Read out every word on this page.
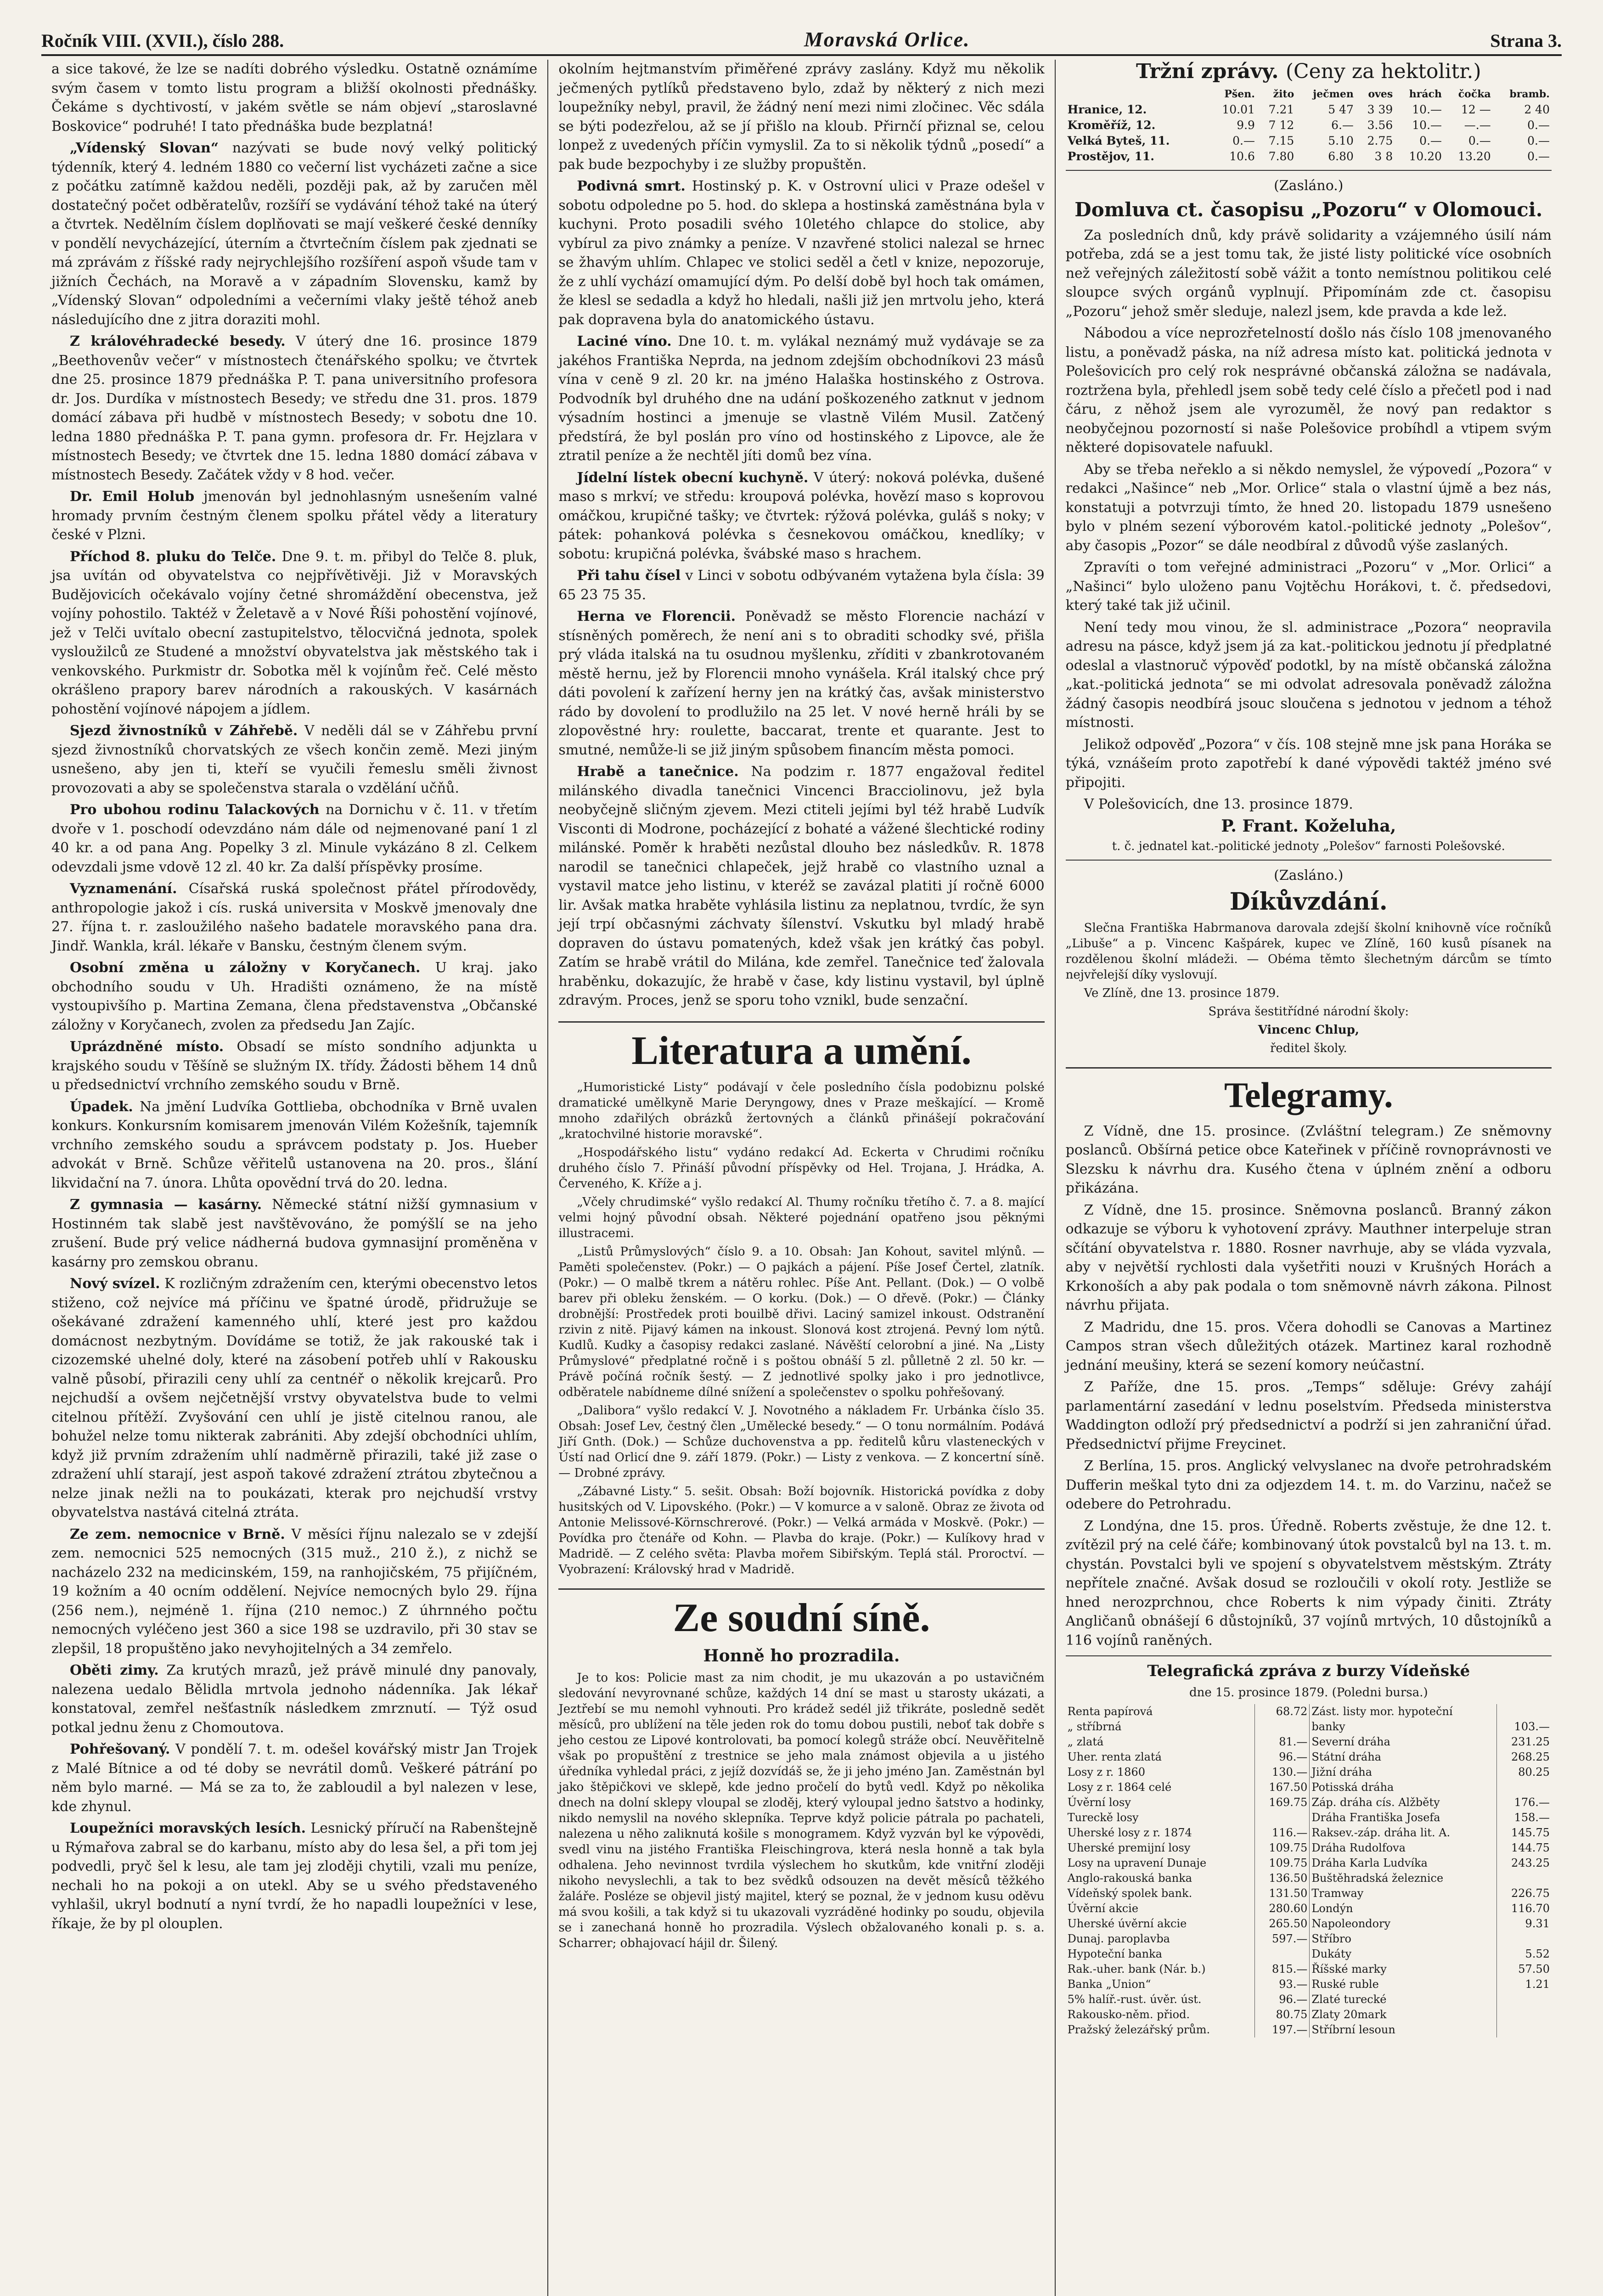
Ročník VIII. (XVII.), číslo 288.	Moravská Orlice.	Strana 3.

a sice takové, že lze se nadíti dobrého výsledku. Ostatně oznámíme svým časem v tomto listu program a bližší okolnosti přednášky. Čekáme s dychtivostí, v jakém světle se nám objeví „staroslavné Boskovice“ podruhé! I tato přednáška bude bezplatná!

„Vídenský Slovan“ nazývati se bude nový velký politický týdenník, který 4. ledném 1880 co večerní list vycházeti začne a sice z počátku zatímně každou neděli, později pak, až by zaručen měl dostatečný počet odběratelův, rozšíří se vydávání téhož také na úterý a čtvrtek. Nedělním číslem doplňovati se mají veškeré české denníky v pondělí nevycházející, úterním a čtvrtečním číslem pak zjednati se má zprávám z říšské rady nejrychlejšího rozšíření aspoň všude tam v jižních Čechách, na Moravě a v západním Slovensku, kamž by „Vídenský Slovan“ odpoledními a večerními vlaky ještě téhož aneb následujícího dne z jitra doraziti mohl.

Z královéhradecké besedy. V úterý dne 16. prosince 1879 „Beethovenův večer“ v místnostech čtenářského spolku; ve čtvrtek dne 25. prosince 1879 přednáška P. T. pana universitního profesora dr. Jos. Durdíka v místnostech Besedy; ve středu dne 31. pros. 1879 domácí zábava při hudbě v místnostech Besedy; v sobotu dne 10. ledna 1880 přednáška P. T. pana gymn. profesora dr. Fr. Hejzlara v místnostech Besedy; ve čtvrtek dne 15. ledna 1880 domácí zábava v místnostech Besedy. Začátek vždy v 8 hod. večer.

Dr. Emil Holub jmenován byl jednohlasným usnešením valné hromady prvním čestným členem spolku přátel vědy a literatury české v Plzni.

Příchod 8. pluku do Telče. Dne 9. t. m. přibyl do Telče 8. pluk, jsa uvítán od obyvatelstva co nejpřívětivěji. Již v Moravských Budějovicích očekávalo vojíny četné shromáždění obecenstva, jež vojíny pohostilo. Taktéž v Želetavě a v Nové Říši pohostění vojínové, jež v Telči uvítalo obecní zastupitelstvo, tělocvičná jednota, spolek vysloužilců ze Studené a množství obyvatelstva jak městského tak i venkovského. Purkmistr dr. Sobotka měl k vojínům řeč. Celé město okrášleno prapory barev národních a rakouských. V kasárnách pohostění vojínové nápojem a jídlem.

Sjezd živnostníků v Záhřebě. V neděli dál se v Záhřebu první sjezd živnostníků chorvatských ze všech končin země. Mezi jiným usnešeno, aby jen ti, kteří se vyučili řemeslu směli živnost provozovati a aby se společenstva starala o vzdělání učňů.

Pro ubohou rodinu Talackových na Dornichu v č. 11. v třetím dvoře v 1. poschodí odevzdáno nám dále od nejmenované paní 1 zl 40 kr. a od pana Ang. Popelky 3 zl. Minule vykázáno 8 zl. Celkem odevzdali jsme vdově 12 zl. 40 kr. Za další příspěvky prosíme.

Vyznamenání. Císařská ruská společnost přátel přírodovědy, anthropologie jakož i cís. ruská universita v Moskvě jmenovaly dne 27. října t. r. zasloužilého našeho badatele moravského pana dra. Jindř. Wankla, král. lékaře v Bansku, čestným členem svým.

Osobní změna u záložny v Koryčanech. U kraj. jako obchodního soudu v Uh. Hradišti oznámeno, že na místě vystoupivšího p. Martina Zemana, člena představenstva „Občanské záložny v Koryčanech, zvolen za předsedu Jan Zajíc.

Uprázdněné místo. Obsadí se místo sondního adjunkta u krajského soudu v Těšíně se služným IX. třídy. Žádosti během 14 dnů u předsednictví vrchního zemského soudu v Brně.

Úpadek. Na jmění Ludvíka Gottlieba, obchodníka v Brně uvalen konkurs. Konkursním komisarem jmenován Vilém Kožešník, tajemník vrchního zemského soudu a správcem podstaty p. Jos. Hueber advokát v Brně. Schůze věřitelů ustanovena na 20. pros., šlání likvidační na 7. února. Lhůta opovědní trvá do 20. ledna.

Z gymnasia — kasárny. Německé státní nižší gymnasium v Hostinném tak slabě jest navštěvováno, že pomýšlí se na jeho zrušení. Bude prý velice nádherná budova gymnasijní proměněna v kasárny pro zemskou obranu.

Nový svízel. K rozličným zdražením cen, kterými obecenstvo letos stiženo, což nejvíce má příčinu ve špatné úrodě, přidružuje se ošekávané zdražení kamenného uhlí, které jest pro každou domácnost nezbytným. Dovídáme se totiž, že jak rakouské tak i cizozemské uhelné doly, které na zásobení potřeb uhlí v Rakousku valně působí, přirazili ceny uhlí za centnéř o několik krejcarů. Pro nejchudší a ovšem nejčetnější vrstvy obyvatelstva bude to velmi citelnou přítěží. Zvyšování cen uhlí je jistě citelnou ranou, ale bohužel nelze tomu nikterak zabrániti. Aby zdejší obchodníci uhlím, když již prvním zdražením uhlí nadměrně přirazili, také již zase o zdražení uhlí starají, jest aspoň takové zdražení ztrátou zbytečnou a nelze jinak nežli na to poukázati, kterak pro nejchudší vrstvy obyvatelstva nastává citelná ztráta.

Ze zem. nemocnice v Brně. V měsíci říjnu nalezalo se v zdejší zem. nemocnici 525 nemocných (315 muž., 210 ž.), z nichž se nacházelo 232 na medicinském, 159, na ranhojičském, 75 přijíčném, 19 kožním a 40 ocním oddělení. Nejvíce nemocných bylo 29. října (256 nem.), nejméně 1. října (210 nemoc.) Z úhrnného počtu nemocných vyléčeno jest 360 a sice 198 se uzdravilo, při 30 stav se zlepšil, 18 propuštěno jako nevyhojitelných a 34 zemřelo.

Oběti zimy. Za krutých mrazů, jež právě minulé dny panovaly, nalezena uedalo Bělidla mrtvola jednoho nádenníka. Jak lékař konstatoval, zemřel nešťastník následkem zmrznutí. — Týž osud potkal jednu ženu z Chomoutova.

Pohřešovaný. V pondělí 7. t. m. odešel kovářský mistr Jan Trojek z Malé Bítnice a od té doby se nevrátil domů. Veškeré pátrání po něm bylo marné. — Má se za to, že zabloudil a byl nalezen v lese, kde zhynul.

Loupežníci moravských lesích. Lesnický příručí na Rabenštejně u Rýmařova zabral se do karbanu, místo aby do lesa šel, a při tom jej podvedli, pryč šel k lesu, ale tam jej zloději chytili, vzali mu peníze, nechali ho na pokoji a on utekl. Aby se u svého představeného vyhlašil, ukryl bodnutí a nyní tvrdí, že ho napadli loupežníci v lese, říkaje, že by pl olouplen.

okolním hejtmanstvím přiměřené zprávy zaslány. Když mu několik ječmených pytlíků představeno bylo, zdaž by některý z nich mezi loupežníky nebyl, pravil, že žádný není mezi nimi zločinec. Věc sdála se býti podezřelou, až se jí přišlo na kloub. Přirnčí přiznal se, celou lonpež z uvedených příčin vymyslil. Za to si několik týdnů „posedí“ a pak bude bezpochyby i ze služby propuštěn.

Podivná smrt. Hostinský p. K. v Ostrovní ulici v Praze odešel v sobotu odpoledne po 5. hod. do sklepa a hostinská zaměstnána byla v kuchyni. Proto posadili svého 10letého chlapce do stolice, aby vybírul za pivo známky a peníze. V nzavřené stolici nalezal se hrnec se žhavým uhlím. Chlapec ve stolici seděl a četl v knize, nepozoruje, že z uhlí vychází omamující dým. Po delší době byl hoch tak omámen, že klesl se sedadla a když ho hledali, našli již jen mrtvolu jeho, která pak dopravena byla do anatomického ústavu.

Laciné víno. Dne 10. t. m. vylákal neznámý muž vydávaje se za jakéhos Františka Neprda, na jednom zdejším obchodníkovi 23 másů vína v ceně 9 zl. 20 kr. na jméno Halaška hostinského z Ostrova. Podvodník byl druhého dne na udání poškozeného zatknut v jednom výsadním hostinci a jmenuje se vlastně Vilém Musil. Zatčený předstírá, že byl poslán pro víno od hostinského z Lipovce, ale že ztratil peníze a že nechtěl jíti domů bez vína.

Jídelní lístek obecní kuchyně. V úterý: noková polévka, dušené maso s mrkví; ve středu: kroupová polévka, hovězí maso s koprovou omáčkou, krupičné tašky; ve čtvrtek: rýžová polévka, guláš s noky; v pátek: pohanková polévka s česnekovou omáčkou, knedlíky; v sobotu: krupičná polévka, švábské maso s hrachem.

Při tahu čísel v Linci v sobotu odbývaném vytažena byla čísla: 39 65 23 75 35.

Herna ve Florencii. Poněvadž se město Florencie nachází v stísněných poměrech, že není ani s to obraditi schodky své, přišla prý vláda italská na tu osudnou myšlenku, zříditi v zbankrotovaném městě hernu, jež by Florencii mnoho vynášela. Král italský chce prý dáti povolení k zařízení herny jen na krátký čas, avšak ministerstvo rádo by dovolení to prodlužilo na 25 let. V nové herně hráli by se zlopověstné hry: roulette, baccarat, trente et quarante. Jest to smutné, nemůže-li se již jiným spůsobem financím města pomoci.

Hrabě a tanečnice. Na podzim r. 1877 engažoval ředitel milánského divadla tanečnici Vincenci Bracciolinovu, jež byla neobyčejně sličným zjevem. Mezi ctiteli jejími byl též hrabě Ludvík Visconti di Modrone, pocházející z bohaté a vážené šlechtické rodiny milánské. Poměr k hraběti nezůstal dlouho bez následkův. R. 1878 narodil se tanečnici chlapeček, jejž hrabě co vlastního uznal a vystavil matce jeho listinu, v kteréž se zavázal platiti jí ročně 6000 lir. Avšak matka hraběte vyhlásila listinu za neplatnou, tvrdíc, že syn její trpí občasnými záchvaty šílenství. Vskutku byl mladý hrabě dopraven do ústavu pomatených, kdež však jen krátký čas pobyl. Zatím se hrabě vrátil do Milána, kde zemřel. Tanečnice teď žalovala hraběnku, dokazujíc, že hrabě v čase, kdy listinu vystavil, byl úplně zdravým. Proces, jenž se sporu toho vznikl, bude senzační.

Literatura a umění.

„Humoristické Listy“ podávají v čele posledního čísla podobiznu polské dramatické umělkyně Marie Deryngowy, dnes v Praze meškající. — Kromě mnoho zdařilých obrázků žertovných a článků přinášejí pokračování „kratochvilné historie moravské“.

„Hospodářského listu“ vydáno redakcí Ad. Eckerta v Chrudimi ročníku druhého číslo 7. Přináší původní příspěvky od Hel. Trojana, J. Hrádka, A. Červeného, K. Kříže a j.

„Včely chrudimské“ vyšlo redakcí Al. Thumy ročníku třetího č. 7. a 8. mající velmi hojný původní obsah. Některé pojednání opatřeno jsou pěknými illustracemi.

„Listů Průmyslových“ číslo 9. a 10. Obsah: Jan Kohout, savitel mlýnů. — Paměti společenstev. (Pokr.) — O pajkách a pájení. Píše Josef Čertel, zlatník. (Pokr.) — O malbě tkrem a nátěru rohlec. Píše Ant. Pellant. (Dok.) — O volbě barev při obleku ženském. — O korku. (Dok.) — O dřevě. (Pokr.) — Články drobnější: Prostředek proti bouilbě dřivi. Laciný samizel inkoust. Odstranění rzivin z nitě. Pijavý kámen na inkoust. Slonová kost ztrojená. Pevný lom nýtů. Kudlů. Kudky a časopisy redakci zaslané. Návěští celorobní a jiné. Na „Listy Průmyslové“ předplatné ročně i s poštou obnáší 5 zl. půlletně 2 zl. 50 kr. — Právě počíná ročník šestý. — Z jednotlivé spolky jako i pro jednotlivce, odběratele nabídneme dílné snížení a společenstev o spolku pohřešovaný.

„Dalibora“ vyšlo redakcí V. J. Novotného a nákladem Fr. Urbánka číslo 35. Obsah: Josef Lev, čestný člen „Umělecké besedy.“ — O tonu normálním. Podává Jiří Gnth. (Dok.) — Schůze duchovenstva a pp. ředitelů kůru vlasteneckých v Ústí nad Orlicí dne 9. září 1879. (Pokr.) — Listy z venkova. — Z koncertní síně. — Drobné zprávy.

„Zábavné Listy.“ 5. sešit. Obsah: Boží bojovník. Historická povídka z doby husitských od V. Lipovského. (Pokr.) — V komurce a v saloně. Obraz ze života od Antonie Melissové-Körnschrerové. (Pokr.) — Velká armáda v Moskvě. (Pokr.) — Povídka pro čtenáře od Kohn. — Plavba do kraje. (Pokr.) — Kulíkovy hrad v Madridě. — Z celého světa: Plavba mořem Sibiřským. Teplá stál. Proroctví. — Vyobrazení: Královský hrad v Madridě.

Ze soudní síně.
Honně ho prozradila.

Je to kos: Policie mast za nim chodit, je mu ukazován a po ustavičném sledování nevyrovnané schůze, každých 14 dní se mast u starosty ukázati, a Jeztřebí se mu nemohl vyhnouti. Pro krádež sedél již třikráte, posledně sedět měsíců, pro ublížení na těle jeden rok do tomu dobou pustili, neboť tak dobře s jeho cestou ze Lipové kontrolovati, ba pomocí kolegů stráže obcí. Neuvěřitelně však po propuštění z trestnice se jeho mala známost objevila a u jistého úředníka vyhledal práci, z jejíž dozvídáš se, že ji jeho jméno Jan. Zaměstnán byl jako štěpičkovi ve sklepě, kde jedno pročelí do bytů vedl. Když po několika dnech na dolní sklepy vloupal se zloděj, který vyloupal jedno šatstvo a hodinky, nikdo nemyslil na nového sklepníka. Teprve když policie pátrala po pachateli, nalezena u něho zaliknutá košile s monogramem. Když vyzván byl ke výpovědi, svedl vinu na jistého Františka Fleischingrova, která nesla honně a tak byla odhalena. Jeho nevinnost tvrdila výslechem ho skutkům, kde vnitřní zloději nikoho nevyslechli, a tak to bez svědků odsouzen na devět měsíců těžkého žaláře. Posléze se objevil jistý majitel, který se poznal, že v jednom kusu oděvu má svou košili, a tak když si tu ukazovali vyzráděné hodinky po soudu, objevila se i zanechaná honně ho prozradila. Výslech obžalovaného konali p. s. a. Scharrer; obhajovací hájil dr. Šilený.

Tržní zprávy. (Ceny za hektolitr.)
	Pšen.	žito	ječmen	oves	hrách	čočka	bramb.
Hranice, 12.	10.01	7.21	5 47	3 39	10.—	12 —	2 40
Kroměříž, 12.	9.9	7 12	6.—	3.56	10.—	—.—	0.—
Velká Byteš, 11.	0.—	7.15	5.10	2.75	0.—	0.—	0.—
Prostějov, 11.	10.6	7.80	6.80	3 8	10.20	13.20	0.—

(Zasláno.)

Domluva ct. časopisu „Pozoru“ v Olomouci.

Za posledních dnů, kdy právě solidarity a vzájemného úsilí nám potřeba, zdá se a jest tomu tak, že jisté listy politické více osobních než veřejných záležitostí sobě vážit a tonto nemístnou politikou celé sloupce svých orgánů vyplnují. Připomínám zde ct. časopisu „Pozoru“ jehož směr sleduje, nalezl jsem, kde pravda a kde lež.

Nábodou a více neprozřetelností došlo nás číslo 108 jmenovaného listu, a poněvadž páska, na níž adresa místo kat. politická jednota v Polešovicích pro celý rok nesprávné občanská záložna se nadávala, roztržena byla, přehledl jsem sobě tedy celé číslo a přečetl pod i nad čáru, z něhož jsem ale vyrozuměl, že nový pan redaktor s neobyčejnou pozorností si naše Polešovice probíhdl a vtipem svým některé dopisovatele nafuukl.

Aby se třeba neřeklo a si někdo nemyslel, že výpovedí „Pozora“ v redakci „Našince“ neb „Mor. Orlice“ stala o vlastní újmě a bez nás, konstatuji a potvrzuji tímto, že hned 20. listopadu 1879 usnešeno bylo v plném sezení výborovém katol.-politické jednoty „Polešov“, aby časopis „Pozor“ se dále neodbíral z důvodů výše zaslaných.

Zpravíti o tom veřejné administraci „Pozoru“ v „Mor. Orlici“ a „Našinci“ bylo uloženo panu Vojtěchu Horákovi, t. č. předsedovi, který také tak již učinil.

Není tedy mou vinou, že sl. administrace „Pozora“ neopravila adresu na pásce, když jsem já za kat.-politickou jednotu jí předplatné odeslal a vlastnoruč výpověď podotkl, by na místě občanská záložna „kat.-politická jednota“ se mi odvolat adresovala poněvadž záložna žádný časopis neodbírá jsouc sloučena s jednotou v jednom a téhož místnosti.

Jelikož odpověď „Pozora“ v čís. 108 stejně mne jsk pana Horáka se týká, vznášeím proto zapotřebí k dané výpovědi taktéž jméno své připojiti.

V Polešovicích, dne 13. prosince 1879.

P. Frant. Koželuha,

t. č. jednatel kat.-politické jednoty „Polešov“ farnosti Polešovské.

(Zasláno.)

Díkůvzdání.

Slečna Františka Habrmanova darovala zdejší školní knihovně více ročníků „Libuše“ a p. Vincenc Kašpárek, kupec ve Zlíně, 160 kusů písanek na rozdělenou školní mládeži. — Obéma těmto šlechetným dárcům se tímto nejvřelejší díky vyslovují.

Ve Zlíně, dne 13. prosince 1879.

Správa šestitřídné národní školy:

Vincenc Chlup,

ředitel školy.

Telegramy.

Z Vídně, dne 15. prosince. (Zvláštní telegram.) Ze sněmovny poslanců. Obšírná petice obce Kateřinek v příčině rovnoprávnosti ve Slezsku k návrhu dra. Kusého čtena v úplném znění a odboru přikázána.

Z Vídně, dne 15. prosince. Sněmovna poslanců. Branný zákon odkazuje se výboru k vyhotovení zprávy. Mauthner interpeluje stran sčítání obyvatelstva r. 1880. Rosner navrhuje, aby se vláda vyzvala, aby v největší rychlosti dala vyšetřiti nouzi v Krušných Horách a Krkonoších a aby pak podala o tom sněmovně návrh zákona. Pilnost návrhu přijata.

Z Madridu, dne 15. pros. Včera dohodli se Canovas a Martinez Campos stran všech důležitých otázek. Martinez karal rozhodně jednání meušiny, která se sezení komory neúčastní.

Z Paříže, dne 15. pros. „Temps“ sděluje: Grévy zahájí parlamentární zasedání v lednu poselstvím. Předseda ministerstva Waddington odloží prý předsednictví a podrží si jen zahraniční úřad. Předsednictví přijme Freycinet.

Z Berlína, 15. pros. Anglický velvyslanec na dvoře petrohradském Dufferin meškal tyto dni za odjezdem 14. t. m. do Varzinu, načež se odebere do Petrohradu.

Z Londýna, dne 15. pros. Úředně. Roberts zvěstuje, že dne 12. t. zvítězil prý na celé čáře; kombinovaný útok povstalců byl na 13. t. m. chystán. Povstalci byli ve spojení s obyvatelstvem městským. Ztráty nepřítele značné. Avšak dosud se rozloučili v okolí roty. Jestliže se hned nerozprchnou, chce Roberts k nim výpady činiti. Ztráty Angličanů obnášejí 6 důstojníků, 37 vojínů mrtvých, 10 důstojníků a 116 vojínů raněných.

Telegrafická zpráva z burzy Vídeňské

dne 15. prosince 1879. (Poledni bursa.)

Renta papírová	68.72	Zást. listy mor. hypoteční	
„ stříbrná		banky	103.—
„ zlatá	81.—	Severní dráha	231.25
Uher. renta zlatá	96.—	Státní dráha	268.25
Losy z r. 1860	130.—	Jižní dráha	80.25
Losy z r. 1864 celé	167.50	Potisská dráha	
Úvěrní losy	169.75	Záp. dráha cís. Alžběty	176.—
Tureckě losy		Dráha Františka Josefa	158.—
Uherské losy z r. 1874	116.—	Raksev.-záp. dráha lit. A.	145.75
Uherské premijní losy	109.75	Dráha Rudolfova	144.75
Losy na upravení Dunaje	109.75	Dráha Karla Ludvíka	243.25
Anglo-rakouská banka	136.50	Buštěhradská železnice	
Vídeňský spolek bank.	131.50	Tramway	226.75
Úvěrní akcie	280.60	Londýn	116.70
Uherské úvěrní akcie	265.50	Napoleondory	9.31
Dunaj. paroplavba	597.—	Stříbro	
Hypoteční banka		Dukáty	5.52
Rak.-uher. bank (Nár. b.)	815.—	Říšské marky	57.50
Banka „Union“	93.—	Ruské ruble	1.21
5% halíř.-rust. úvěr. úst.	96.—	Zlaté turecké	
Rakousko-něm. přiod.	80.75	Zlaty 20mark	
Pražský železářský prům.	197.—	Stříbrní lesoun	
